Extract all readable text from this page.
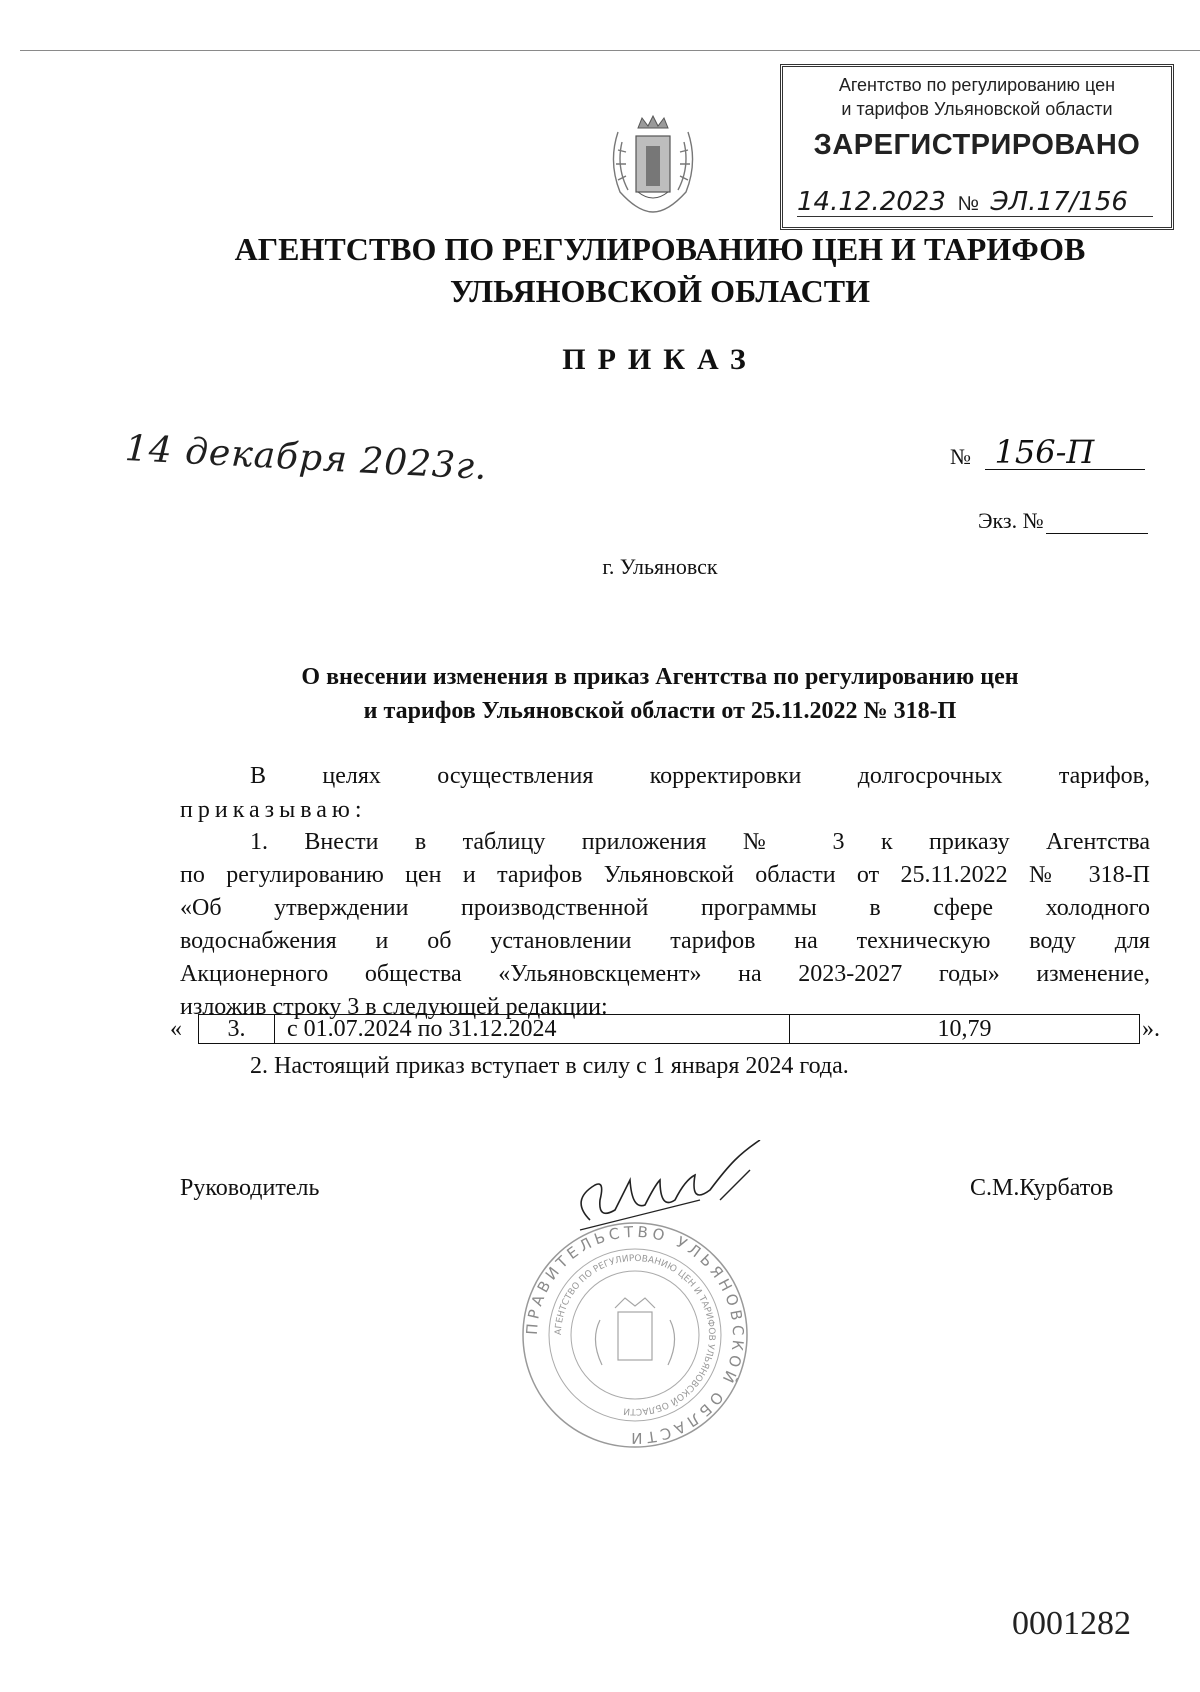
Агентство по регулированию цен
и тарифов Ульяновской области
ЗАРЕГИСТРИРОВАНО
14.12.2023 № ЭЛ.17/156
АГЕНТСТВО ПО РЕГУЛИРОВАНИЮ ЦЕН И ТАРИФОВ
УЛЬЯНОВСКОЙ ОБЛАСТИ
ПРИКАЗ
14 декабря 2023г.	№ 156-П
Экз. №
г. Ульяновск
О внесении изменения в приказ Агентства по регулированию цен
и тарифов Ульяновской области от 25.11.2022 № 318-П
В целях осуществления корректировки долгосрочных тарифов,
приказываю:
1. Внести в таблицу приложения № 3 к приказу Агентства
по регулированию цен и тарифов Ульяновской области от 25.11.2022 № 318-П
«Об утверждении производственной программы в сфере холодного
водоснабжения и об установлении тарифов на техническую воду для
Акционерного общества «Ульяновскцемент» на 2023-2027 годы» изменение,
изложив строку 3 в следующей редакции:
«	3.	с 01.07.2024 по 31.12.2024	10,79	».
2. Настоящий приказ вступает в силу с 1 января 2024 года.
Руководитель	С.М.Курбатов
ПРАВИТЕЛЬСТВО УЛЬЯНОВСКОЙ ОБЛАСТИ
АГЕНТСТВО ПО РЕГУЛИРОВАНИЮ ЦЕН И ТАРИФОВ УЛЬЯНОВСКОЙ ОБЛАСТИ
0001282
